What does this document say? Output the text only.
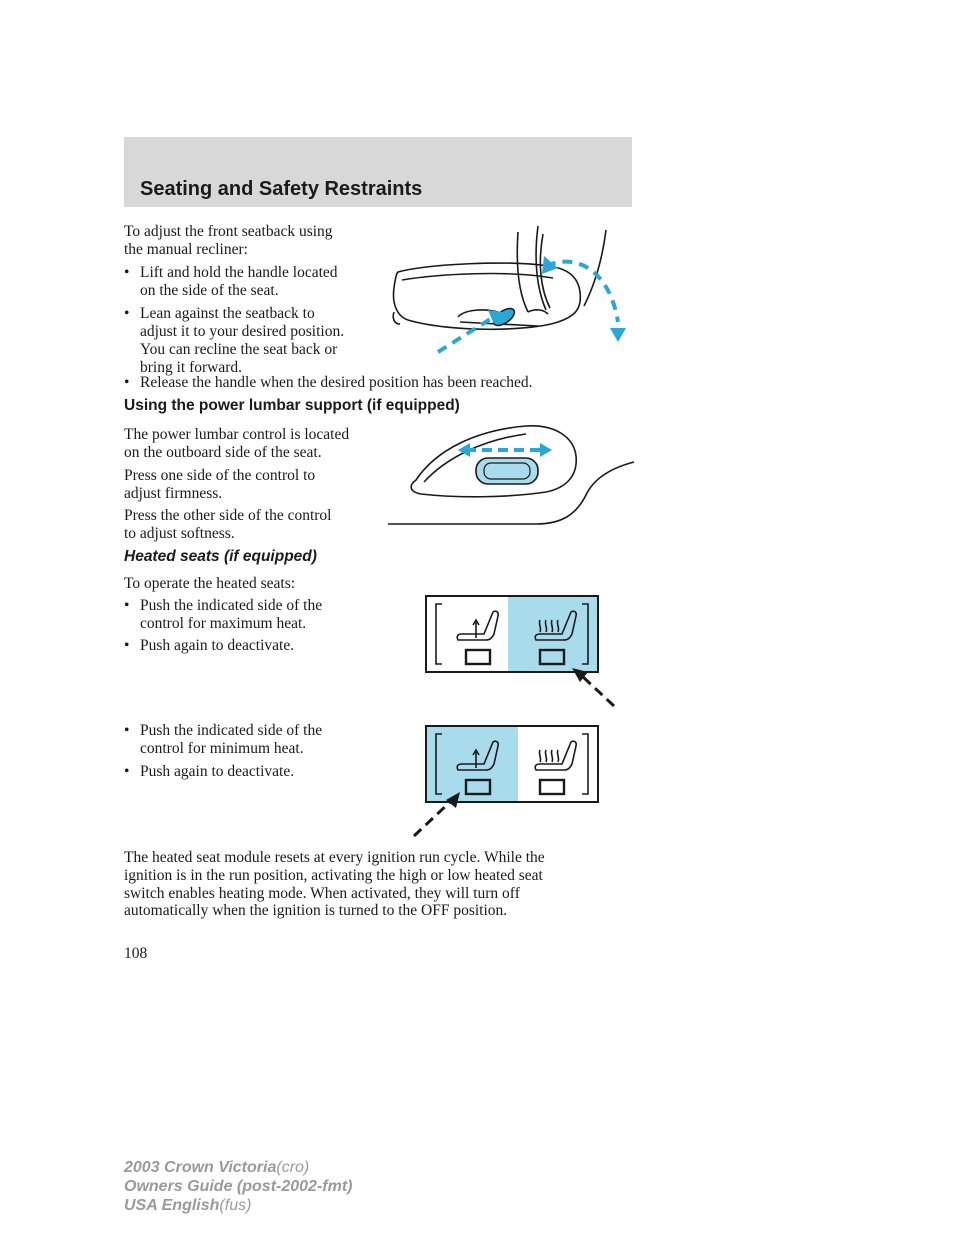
Seating and Safety Restraints
To adjust the front seatback using
the manual recliner:
• Lift and hold the handle located
on the side of the seat.
• Lean against the seatback to
adjust it to your desired position.
You can recline the seat back or
bring it forward.
• Release the handle when the desired position has been reached.
Using the power lumbar support (if equipped)
The power lumbar control is located
on the outboard side of the seat.
Press one side of the control to
adjust firmness.
Press the other side of the control
to adjust softness.
Heated seats (if equipped)
To operate the heated seats:
• Push the indicated side of the
control for maximum heat.
• Push again to deactivate.
• Push the indicated side of the
control for minimum heat.
• Push again to deactivate.
The heated seat module resets at every ignition run cycle. While the
ignition is in the run position, activating the high or low heated seat
switch enables heating mode. When activated, they will turn off
automatically when the ignition is turned to the OFF position.
108
2003 Crown Victoria(cro)
Owners Guide (post-2002-fmt)
USA English(fus)
